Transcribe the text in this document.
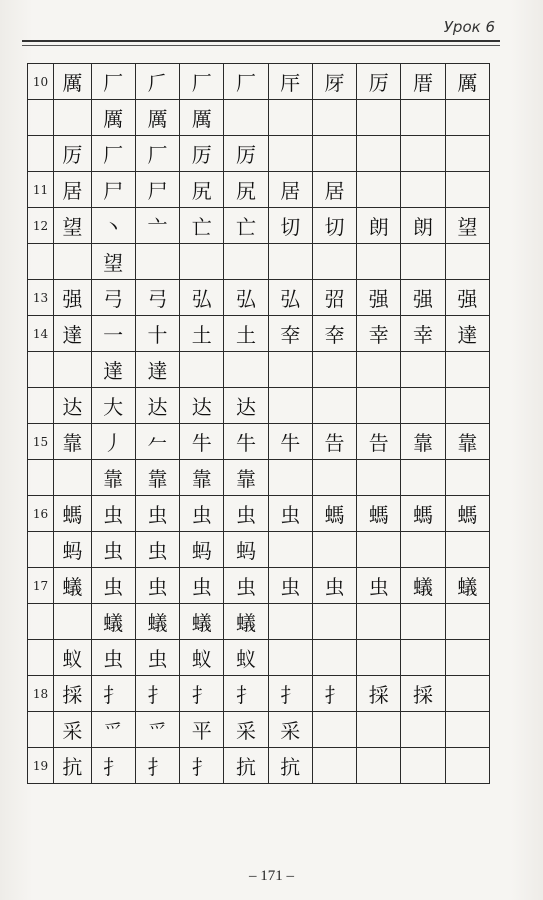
Урок 6
10	厲	厂	𠂆	厂	厂	厈	厊	厉	厝	厲
		厲	厲	厲						
	厉	厂	厂	厉	厉					
11	居	尸	尸	尻	尻	居	居			
12	望	丶	亠	亡	亡	切	切	朗	朗	望
		望								
13	强	弓	弓	弘	弘	弘	弨	强	强	强
14	達	一	十	土	土	㚔	㚔	幸	幸	達
		達	達							
	达	大	达	达	达					
15	靠	丿	𠂉	牛	牛	牛	告	告	靠	靠
		靠	靠	靠	靠					
16	螞	虫	虫	虫	虫	虫	螞	螞	螞	螞
	蚂	虫	虫	蚂	蚂					
17	蟻	虫	虫	虫	虫	虫	虫	虫	蟻	蟻
		蟻	蟻	蟻	蟻					
	蚁	虫	虫	蚁	蚁					
18	採	扌	扌	扌	扌	扌	扌	採	採	
	采	爫	爫	平	采	采				
19	抗	扌	扌	扌	抗	抗				
– 171 –
